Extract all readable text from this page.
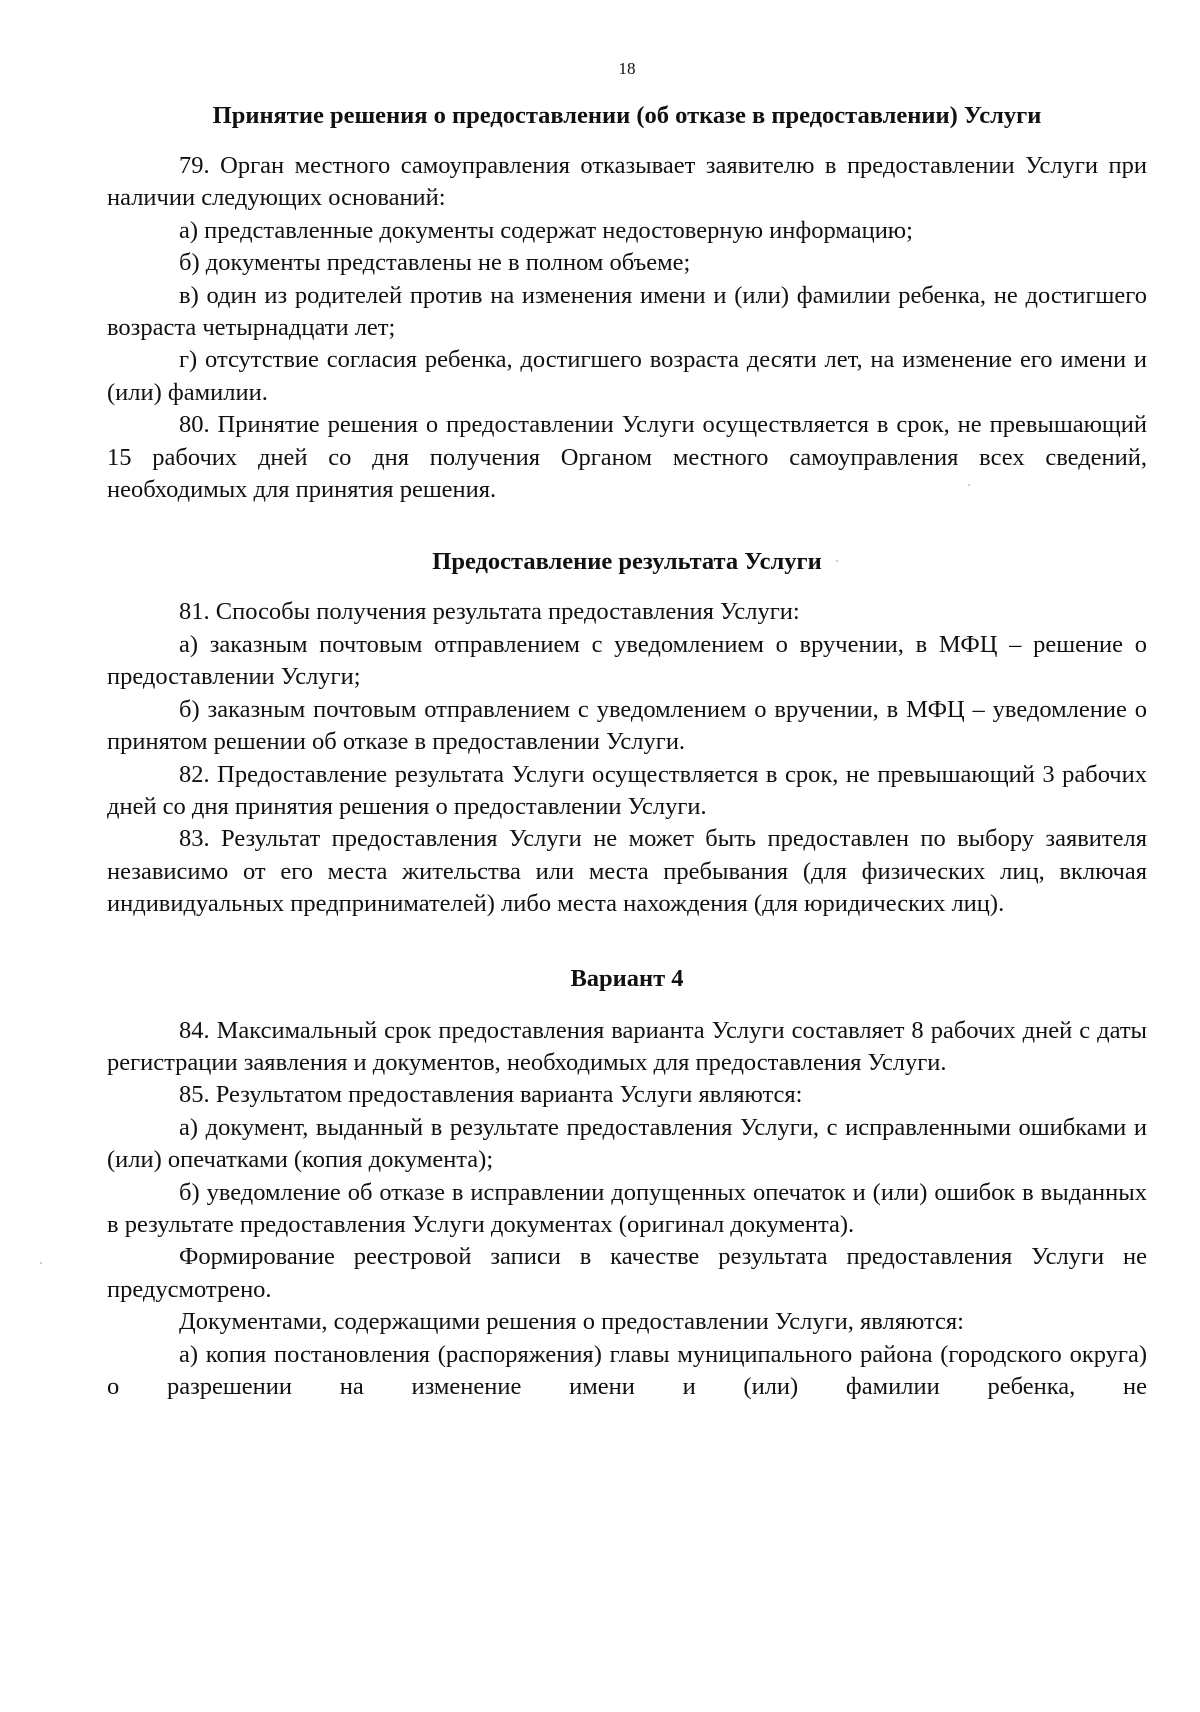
18
Принятие решения о предоставлении (об отказе в предоставлении) Услуги

79. Орган местного самоуправления отказывает заявителю в предоставлении Услуги при наличии следующих оснований:

а) представленные документы содержат недостоверную информацию;

б) документы представлены не в полном объеме;

в) один из родителей против на изменения имени и (или) фамилии ребенка, не достигшего возраста четырнадцати лет;

г) отсутствие согласия ребенка, достигшего возраста десяти лет, на изменение его имени и (или) фамилии.

80. Принятие решения о предоставлении Услуги осуществляется в срок, не превышающий 15 рабочих дней со дня получения Органом местного самоуправления всех сведений, необходимых для принятия решения.

Предоставление результата Услуги

81. Способы получения результата предоставления Услуги:

а) заказным почтовым отправлением с уведомлением о вручении, в МФЦ – решение о предоставлении Услуги;

б) заказным почтовым отправлением с уведомлением о вручении, в МФЦ – уведомление о принятом решении об отказе в предоставлении Услуги.

82. Предоставление результата Услуги осуществляется в срок, не превышающий 3 рабочих дней со дня принятия решения о предоставлении Услуги.

83. Результат предоставления Услуги не может быть предоставлен по выбору заявителя независимо от его места жительства или места пребывания (для физических лиц, включая индивидуальных предпринимателей) либо места нахождения (для юридических лиц).

Вариант 4

84. Максимальный срок предоставления варианта Услуги составляет 8 рабочих дней с даты регистрации заявления и документов, необходимых для предоставления Услуги.

85. Результатом предоставления варианта Услуги являются:

а) документ, выданный в результате предоставления Услуги, с исправленными ошибками и (или) опечатками (копия документа);

б) уведомление об отказе в исправлении допущенных опечаток и (или) ошибок в выданных в результате предоставления Услуги документах (оригинал документа).

Формирование реестровой записи в качестве результата предоставления Услуги не предусмотрено.

Документами, содержащими решения о предоставлении Услуги, являются:

а) копия постановления (распоряжения) главы муниципального района (городского округа) о разрешении на изменение имени и (или) фамилии ребенка, не
